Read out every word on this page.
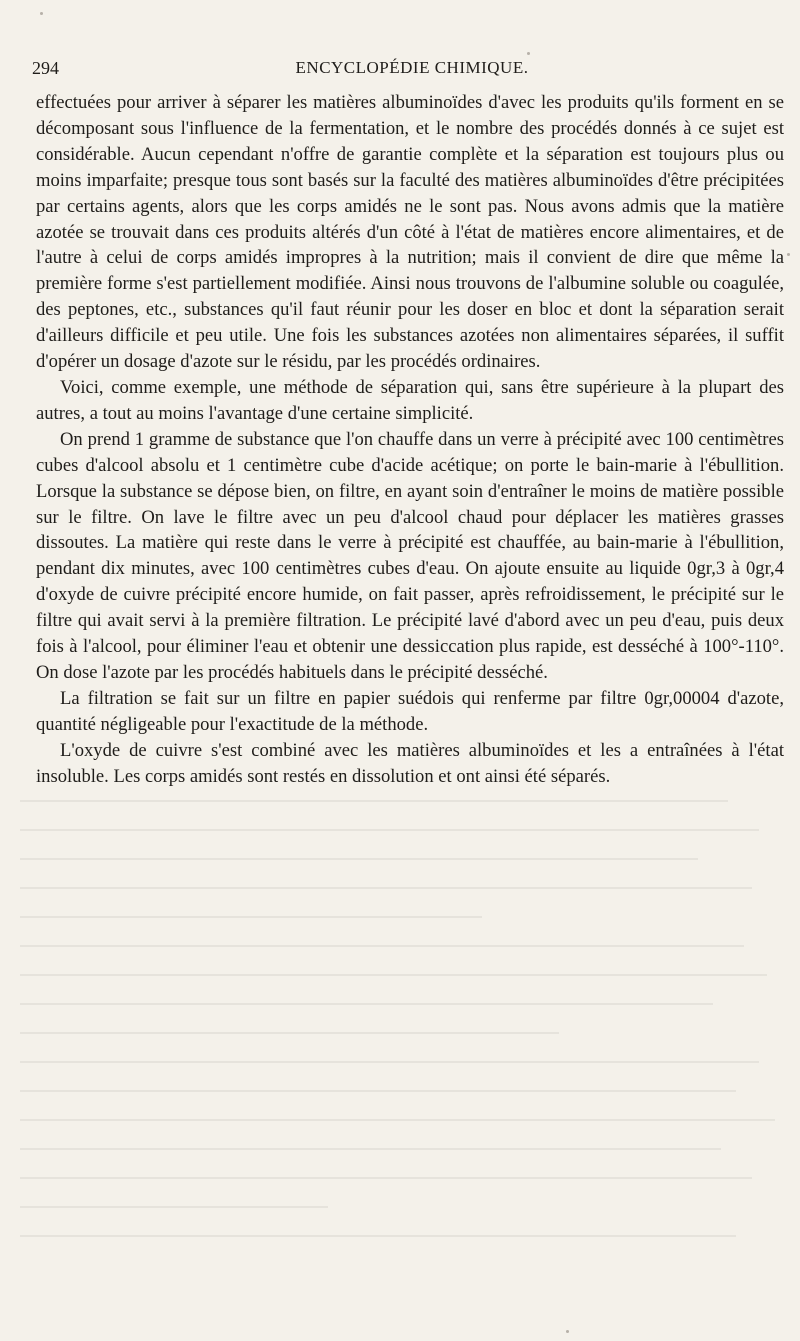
294	ENCYCLOPÉDIE CHIMIQUE.

effectuées pour arriver à séparer les matières albuminoïdes d'avec les produits qu'ils forment en se décomposant sous l'influence de la fermentation, et le nombre des procédés donnés à ce sujet est considérable. Aucun cependant n'offre de garantie complète et la séparation est toujours plus ou moins imparfaite; presque tous sont basés sur la faculté des matières albuminoïdes d'être précipitées par certains agents, alors que les corps amidés ne le sont pas. Nous avons admis que la matière azotée se trouvait dans ces produits altérés d'un côté à l'état de matières encore alimentaires, et de l'autre à celui de corps amidés impropres à la nutrition; mais il convient de dire que même la première forme s'est partiellement modifiée. Ainsi nous trouvons de l'albumine soluble ou coagulée, des peptones, etc., substances qu'il faut réunir pour les doser en bloc et dont la séparation serait d'ailleurs difficile et peu utile. Une fois les substances azotées non alimentaires séparées, il suffit d'opérer un dosage d'azote sur le résidu, par les procédés ordinaires.

Voici, comme exemple, une méthode de séparation qui, sans être supérieure à la plupart des autres, a tout au moins l'avantage d'une certaine simplicité.

On prend 1 gramme de substance que l'on chauffe dans un verre à précipité avec 100 centimètres cubes d'alcool absolu et 1 centimètre cube d'acide acétique; on porte le bain-marie à l'ébullition. Lorsque la substance se dépose bien, on filtre, en ayant soin d'entraîner le moins de matière possible sur le filtre. On lave le filtre avec un peu d'alcool chaud pour déplacer les matières grasses dissoutes. La matière qui reste dans le verre à précipité est chauffée, au bain-marie à l'ébullition, pendant dix minutes, avec 100 centimètres cubes d'eau. On ajoute ensuite au liquide 0gr,3 à 0gr,4 d'oxyde de cuivre précipité encore humide, on fait passer, après refroidissement, le précipité sur le filtre qui avait servi à la première filtration. Le précipité lavé d'abord avec un peu d'eau, puis deux fois à l'alcool, pour éliminer l'eau et obtenir une dessiccation plus rapide, est desséché à 100°-110°. On dose l'azote par les procédés habituels dans le précipité desséché.

La filtration se fait sur un filtre en papier suédois qui renferme par filtre 0gr,00004 d'azote, quantité négligeable pour l'exactitude de la méthode.

L'oxyde de cuivre s'est combiné avec les matières albuminoïdes et les a entraînées à l'état insoluble. Les corps amidés sont restés en dissolution et ont ainsi été séparés.
